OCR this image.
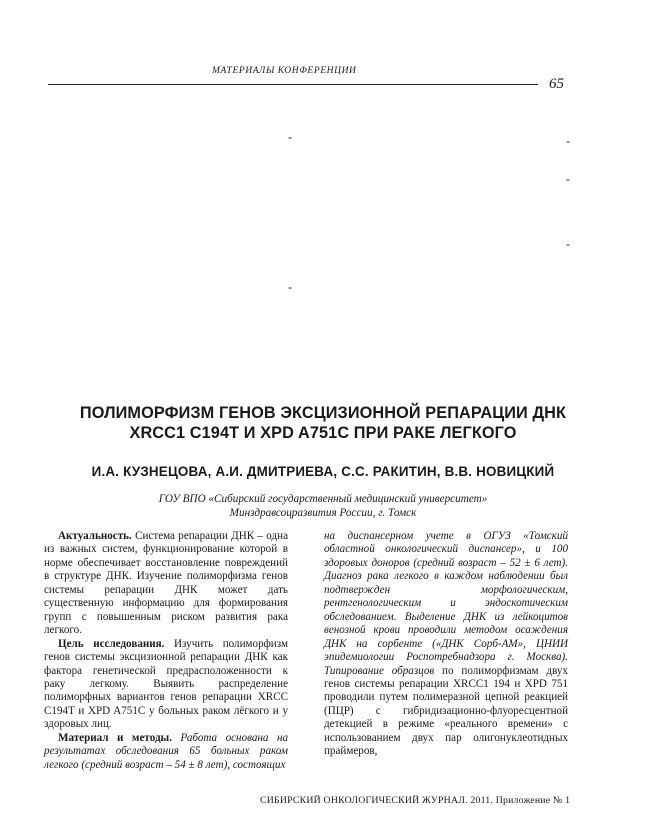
МАТЕРИАЛЫ КОНФЕРЕНЦИИ
65
-	-
-
-
-
ПОЛИМОРФИЗМ ГЕНОВ ЭКСЦИЗИОННОЙ РЕПАРАЦИИ ДНК
XRCC1 C194T И XPD A751C ПРИ РАКЕ ЛЕГКОГО
И.А. КУЗНЕЦОВА, А.И. ДМИТРИЕВА, С.С. РАКИТИН, В.В. НОВИЦКИЙ
ГОУ ВПО «Сибирский государственный медицинский университет»
Минздравсоцразвития России, г. Томск

Актуальность. Система репарации ДНК – одна из важных систем, функционирование которой в норме обеспечивает восстановление повреждений в структуре ДНК. Изучение полиморфизма генов системы репарации ДНК может дать существенную информацию для формирования групп с повышенным риском развития рака легкого.

Цель исследования. Изучить полиморфизм генов системы эксцизионной репарации ДНК как фактора генетической предрасположенности к раку легкому. Выявить распределение полиморфных вариантов генов репарации XRCC C194T и XPD A751C у больных раком лёгкого и у здоровых лиц.

Материал и методы. Работа основана на результатах обследования 65 больных раком легкого (средний возраст – 54 ± 8 лет), состоящих

на диспансерном учете в ОГУЗ «Томский областной онкологический диспансер», и 100 здоровых доноров (средний возраст – 52 ± 6 лет). Диагноз рака легкого в каждом наблюдении был подтвержден морфологическим, рентгенологическим и эндоскотическим обследованием. Выделение ДНК из лейкоцитов венозной крови проводили методом осаждения ДНК на сорбенте («ДНК Сорб-АМ», ЦНИИ эпидемиологии Роспотребнадзора г. Москва). Типирование образцов по полиморфизмам двух генов системы репарации XRCC1 194 и XPD 751 проводили путем полимеразной цепной реакцией (ПЦР) с гибридизационно-флуоресцентной детекцией в режиме «реального времени» с использованием двух пар олигонуклеотидных праймеров,
СИБИРСКИЙ ОНКОЛОГИЧЕСКИЙ ЖУРНАЛ. 2011. Приложение № 1
